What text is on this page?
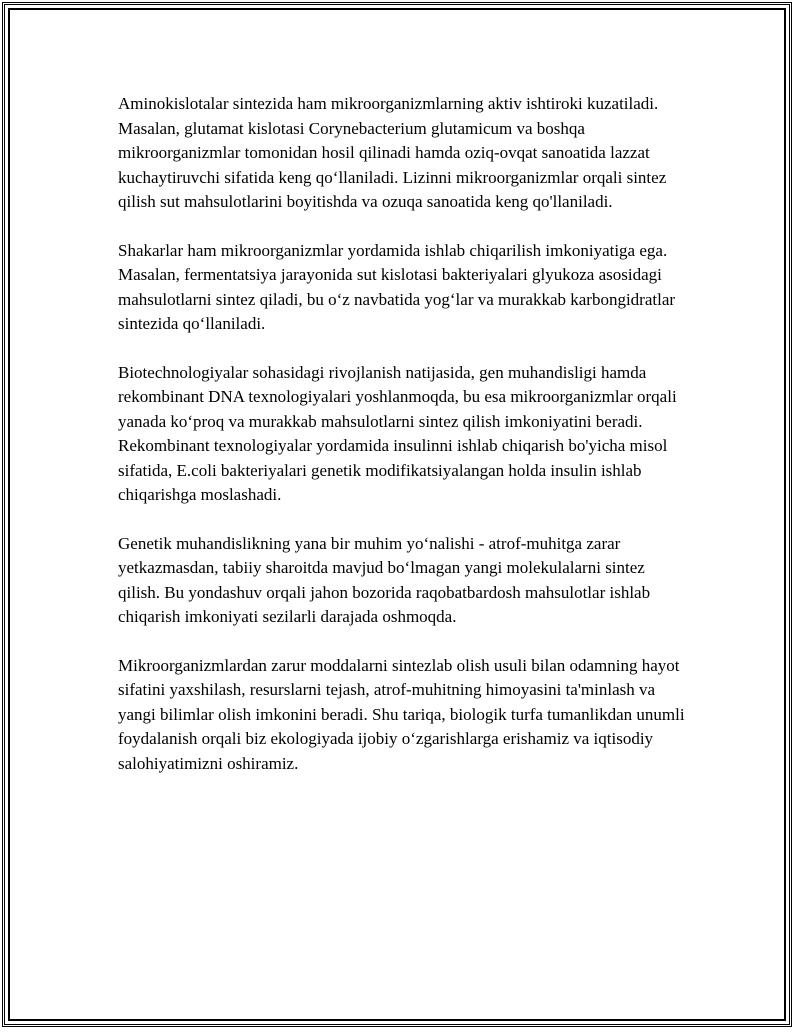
Aminokislotalar sintezida ham mikroorganizmlarning aktiv ishtiroki kuzatiladi. Masalan, glutamat kislotasi Corynebacterium glutamicum va boshqa mikroorganizmlar tomonidan hosil qilinadi hamda oziq-ovqat sanoatida lazzat kuchaytiruvchi sifatida keng qo‘llaniladi. Lizinni mikroorganizmlar orqali sintez qilish sut mahsulotlarini boyitishda va ozuqa sanoatida keng qo'llaniladi.

Shakarlar ham mikroorganizmlar yordamida ishlab chiqarilish imkoniyatiga ega. Masalan, fermentatsiya jarayonida sut kislotasi bakteriyalari glyukoza asosidagi mahsulotlarni sintez qiladi, bu o‘z navbatida yog‘lar va murakkab karbongidratlar sintezida qo‘llaniladi.

Biotechnologiyalar sohasidagi rivojlanish natijasida, gen muhandisligi hamda rekombinant DNA texnologiyalari yoshlanmoqda, bu esa mikroorganizmlar orqali yanada ko‘proq va murakkab mahsulotlarni sintez qilish imkoniyatini beradi. Rekombinant texnologiyalar yordamida insulinni ishlab chiqarish bo'yicha misol sifatida, E.coli bakteriyalari genetik modifikatsiyalangan holda insulin ishlab chiqarishga moslashadi.

Genetik muhandislikning yana bir muhim yo‘nalishi - atrof-muhitga zarar yetkazmasdan, tabiiy sharoitda mavjud bo‘lmagan yangi molekulalarni sintez qilish. Bu yondashuv orqali jahon bozorida raqobatbardosh mahsulotlar ishlab chiqarish imkoniyati sezilarli darajada oshmoqda.

Mikroorganizmlardan zarur moddalarni sintezlab olish usuli bilan odamning hayot sifatini yaxshilash, resurslarni tejash, atrof-muhitning himoyasini ta'minlash va yangi bilimlar olish imkonini beradi. Shu tariqa, biologik turfa tumanlikdan unumli foydalanish orqali biz ekologiyada ijobiy o‘zgarishlarga erishamiz va iqtisodiy salohiyatimizni oshiramiz.
